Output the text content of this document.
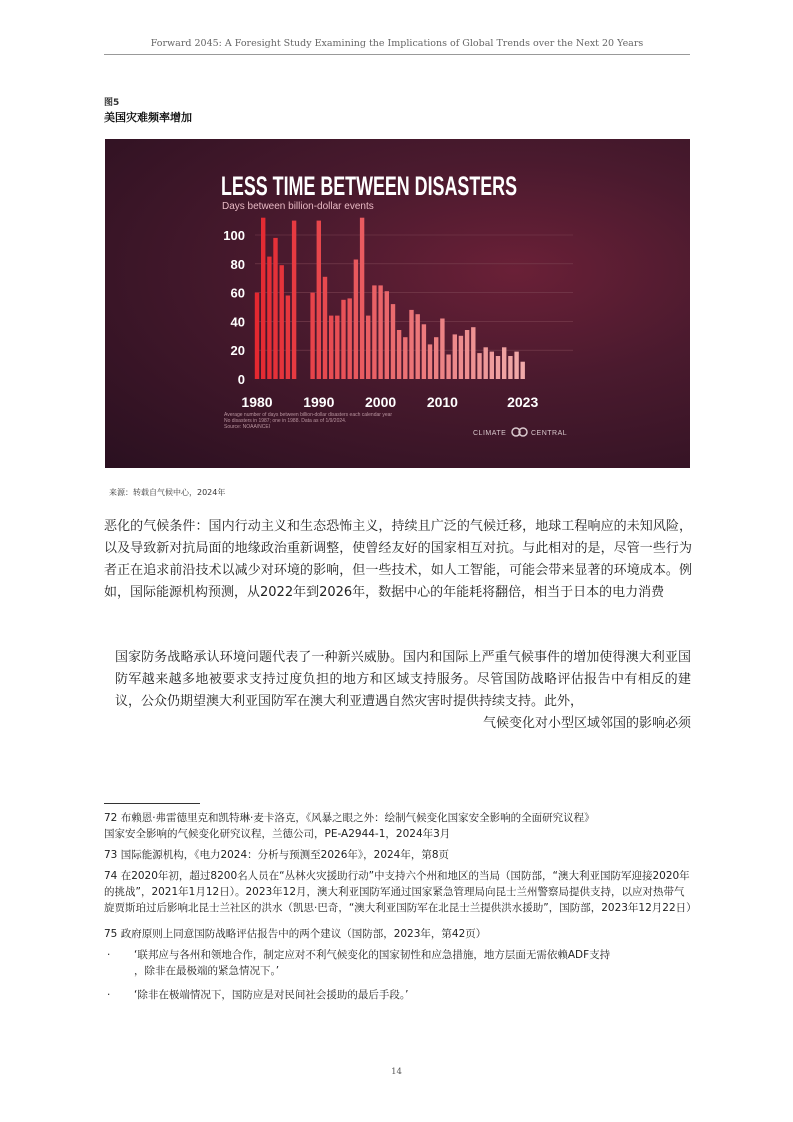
Forward 2045: A Foresight Study Examining the Implications of Global Trends over the Next 20 Years
图5
美国灾难频率增加
LESS TIME BETWEEN DISASTERS
Days between billion-dollar events
100
80
60
40
20
0
1980 1990 2000 2010	2023
Average number of days between billion-dollar disasters each calendar year
No disasters in 1987; one in 1988. Data as of 1/9/2024.
Source: NOAA/NCEI
CLIMATE	CENTRAL
来源：转载自气候中心，2024年
恶化的气候条件：国内行动主义和生态恐怖主义，持续且广泛的气候迁移，地球工程响应的未知风险，以及导致新对抗局面的地缘政治重新调整，使曾经友好的国家相互对抗。与此相对的是，尽管一些行为者正在追求前沿技术以减少对环境的影响，但一些技术，如人工智能，可能会带来显著的环境成本。例如，国际能源机构预测，从2022年到2026年，数据中心的年能耗将翻倍，相当于日本的电力消费
国家防务战略承认环境问题代表了一种新兴威胁。国内和国际上严重气候事件的增加使得澳大利亚国防军越来越多地被要求支持过度负担的地方和区域支持服务。尽管国防战略评估报告中有相反的建议，公众仍期望澳大利亚国防军在澳大利亚遭遇自然灾害时提供持续支持。此外，
气候变化对小型区域邻国的影响必须
72 布赖恩·弗雷德里克和凯特琳·麦卡洛克，《风暴之眼之外：绘制气候变化国家安全影响的全面研究议程》
国家安全影响的气候变化研究议程，兰德公司，PE-A2944-1，2024年3月
73 国际能源机构，《电力2024：分析与预测至2026年》，2024年，第8页
74 在2020年初，超过8200名人员在“丛林火灾援助行动”中支持六个州和地区的当局（国防部，“澳大利亚国防军迎接2020年的挑战”，2021年1月12日）。2023年12月，澳大利亚国防军通过国家紧急管理局向昆士兰州警察局提供支持，以应对热带气旋贾斯珀过后影响北昆士兰社区的洪水（凯思·巴奇，“澳大利亚国防军在北昆士兰提供洪水援助”，国防部，2023年12月22日）
75 政府原则上同意国防战略评估报告中的两个建议（国防部，2023年，第42页）
·	‘联邦应与各州和领地合作，制定应对不利气候变化的国家韧性和应急措施，地方层面无需依赖ADF支持
，除非在最极端的紧急情况下。’
·	‘除非在极端情况下，国防应是对民间社会援助的最后手段。’
14
